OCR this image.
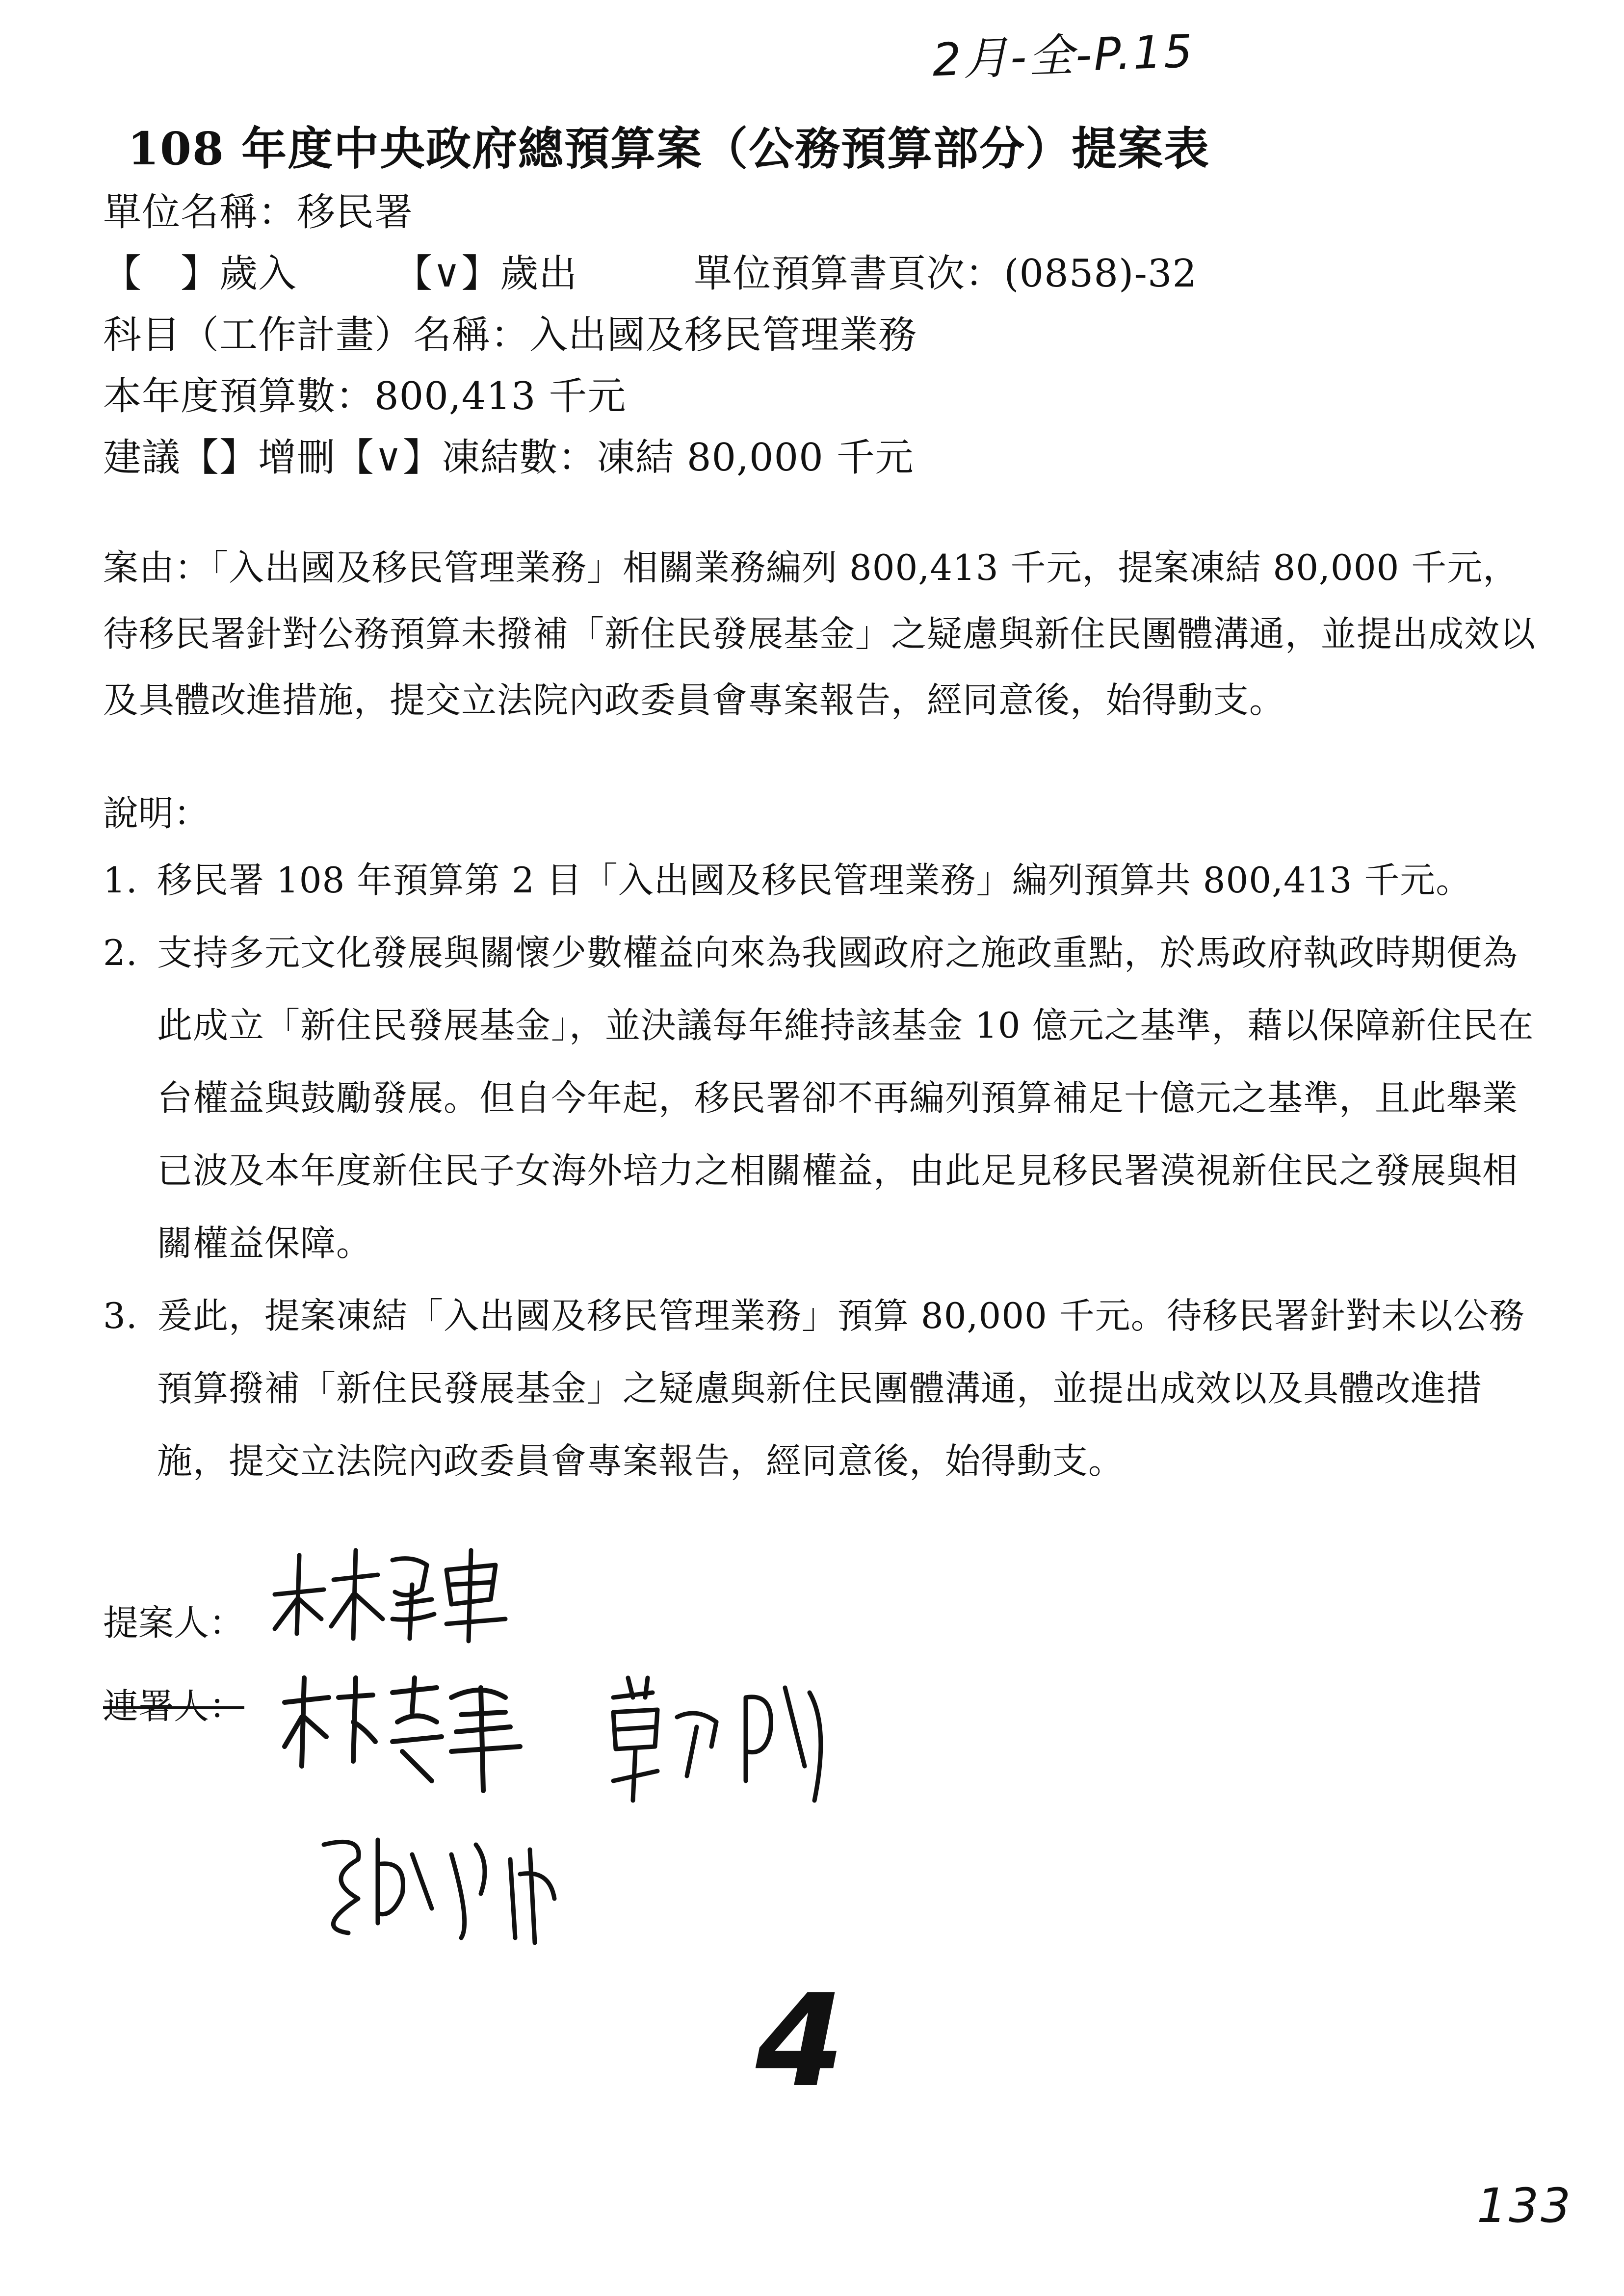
2月-全-P.15
108 年度中央政府總預算案（公務預算部分）提案表
單位名稱：移民署
【　】歲入　　　【∨】歲出　　　單位預算書頁次：(0858)-32
科目（工作計畫）名稱：入出國及移民管理業務
本年度預算數：800,413 千元
建議【】增刪【∨】凍結數：凍結 80,000 千元
案由：「入出國及移民管理業務」相關業務編列 800,413 千元，提案凍結 80,000 千元，待移民署針對公務預算未撥補「新住民發展基金」之疑慮與新住民團體溝通，並提出成效以及具體改進措施，提交立法院內政委員會專案報告，經同意後，始得動支。
說明：
1. 移民署 108 年預算第 2 目「入出國及移民管理業務」編列預算共 800,413 千元。
2. 支持多元文化發展與關懷少數權益向來為我國政府之施政重點，於馬政府執政時期便為此成立「新住民發展基金」，並決議每年維持該基金 10 億元之基準，藉以保障新住民在台權益與鼓勵發展。但自今年起，移民署卻不再編列預算補足十億元之基準，且此舉業已波及本年度新住民子女海外培力之相關權益，由此足見移民署漠視新住民之發展與相關權益保障。
3. 爰此，提案凍結「入出國及移民管理業務」預算 80,000 千元。待移民署針對未以公務預算撥補「新住民發展基金」之疑慮與新住民團體溝通，並提出成效以及具體改進措施，提交立法院內政委員會專案報告，經同意後，始得動支。
提案人：
連署人：
4
133
